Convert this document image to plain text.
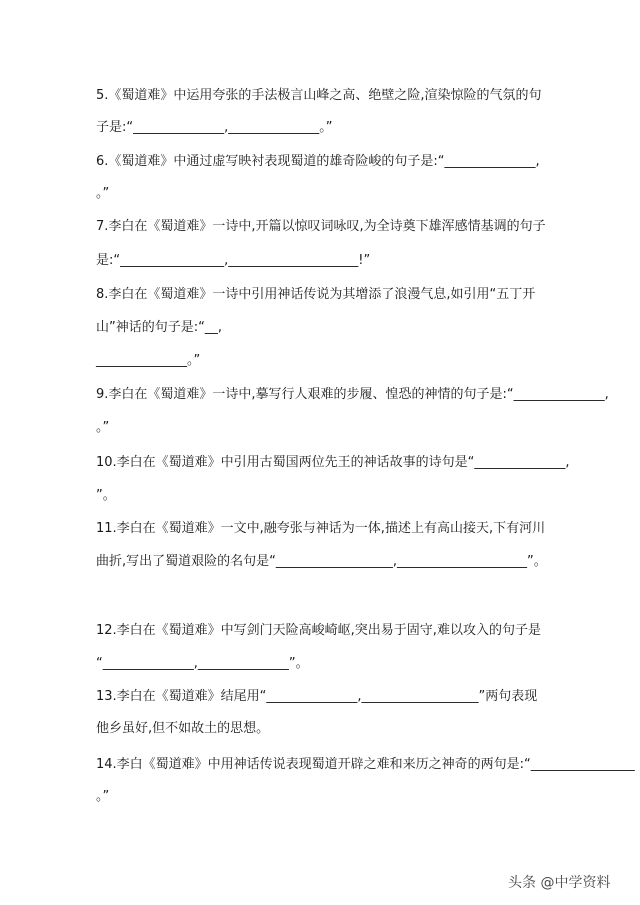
5.《蜀道难》中运用夸张的手法极言山峰之高、绝壁之险,渲染惊险的气氛的句
子是:“______________,______________。”
6.《蜀道难》中通过虚写映衬表现蜀道的雄奇险峻的句子是:“______________,
。”
7.李白在《蜀道难》一诗中,开篇以惊叹词咏叹,为全诗奠下雄浑感情基调的句子
是:“________________,____________________!”
8.李白在《蜀道难》一诗中引用神话传说为其增添了浪漫气息,如引用“五丁开
山”神话的句子是:“__,
______________。”
9.李白在《蜀道难》一诗中,摹写行人艰难的步履、惶恐的神情的句子是:“______________,
。”
10.李白在《蜀道难》中引用古蜀国两位先王的神话故事的诗句是“______________,
”。
11.李白在《蜀道难》一文中,融夸张与神话为一体,描述上有高山接天,下有河川
曲折,写出了蜀道艰险的名句是“__________________,____________________”。
12.李白在《蜀道难》中写剑门天险高峻崎岖,突出易于固守,难以攻入的句子是
“______________,______________”。
13.李白在《蜀道难》结尾用“______________,__________________”两句表现
他乡虽好,但不如故土的思想。
14.李白《蜀道难》中用神话传说表现蜀道开辟之难和来历之神奇的两句是:“________________
。”
头条 @中学资料
